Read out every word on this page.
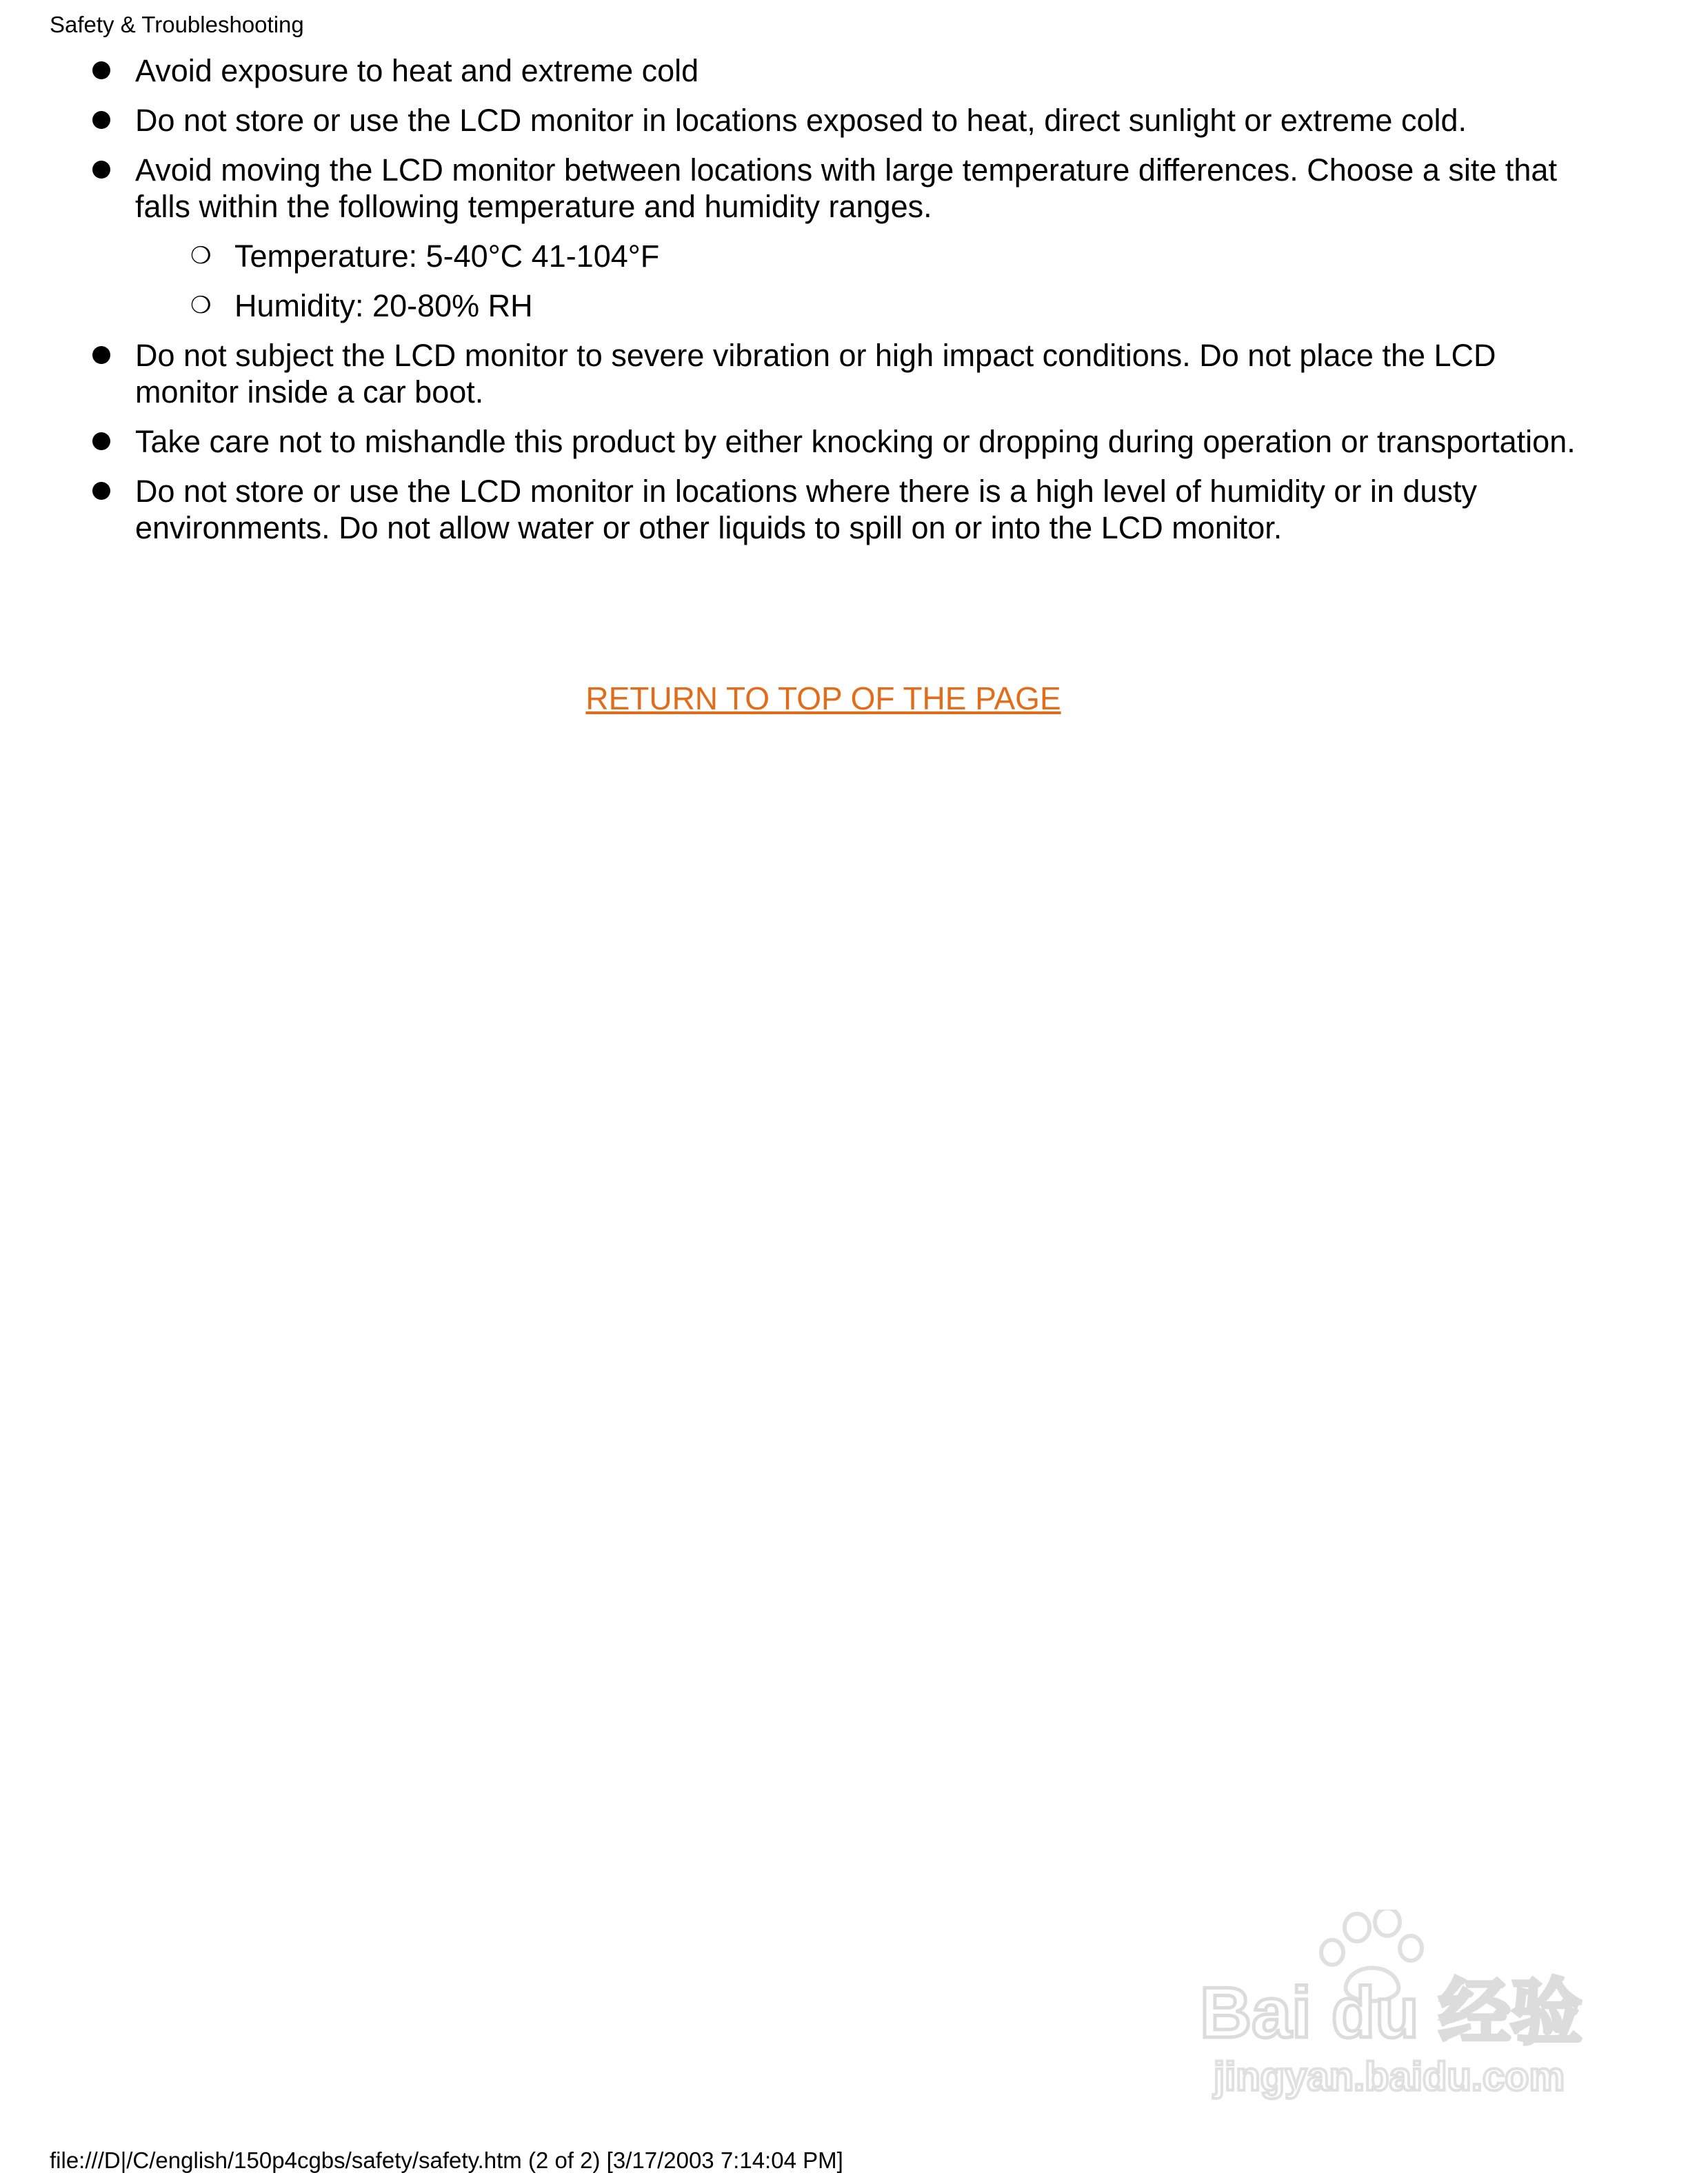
Safety & Troubleshooting
Avoid exposure to heat and extreme cold
Do not store or use the LCD monitor in locations exposed to heat, direct sunlight or extreme cold.
Avoid moving the LCD monitor between locations with large temperature differences. Choose a site that falls within the following temperature and humidity ranges.
❍ Temperature: 5-40°C 41-104°F
❍ Humidity: 20-80% RH
Do not subject the LCD monitor to severe vibration or high impact conditions. Do not place the LCD monitor inside a car boot.
Take care not to mishandle this product by either knocking or dropping during operation or transportation.
Do not store or use the LCD monitor in locations where there is a high level of humidity or in dusty environments. Do not allow water or other liquids to spill on or into the LCD monitor.
RETURN TO TOP OF THE PAGE
Bai du 经验
jingyan.baidu.com
file:///D|/C/english/150p4cgbs/safety/safety.htm (2 of 2) [3/17/2003 7:14:04 PM]
